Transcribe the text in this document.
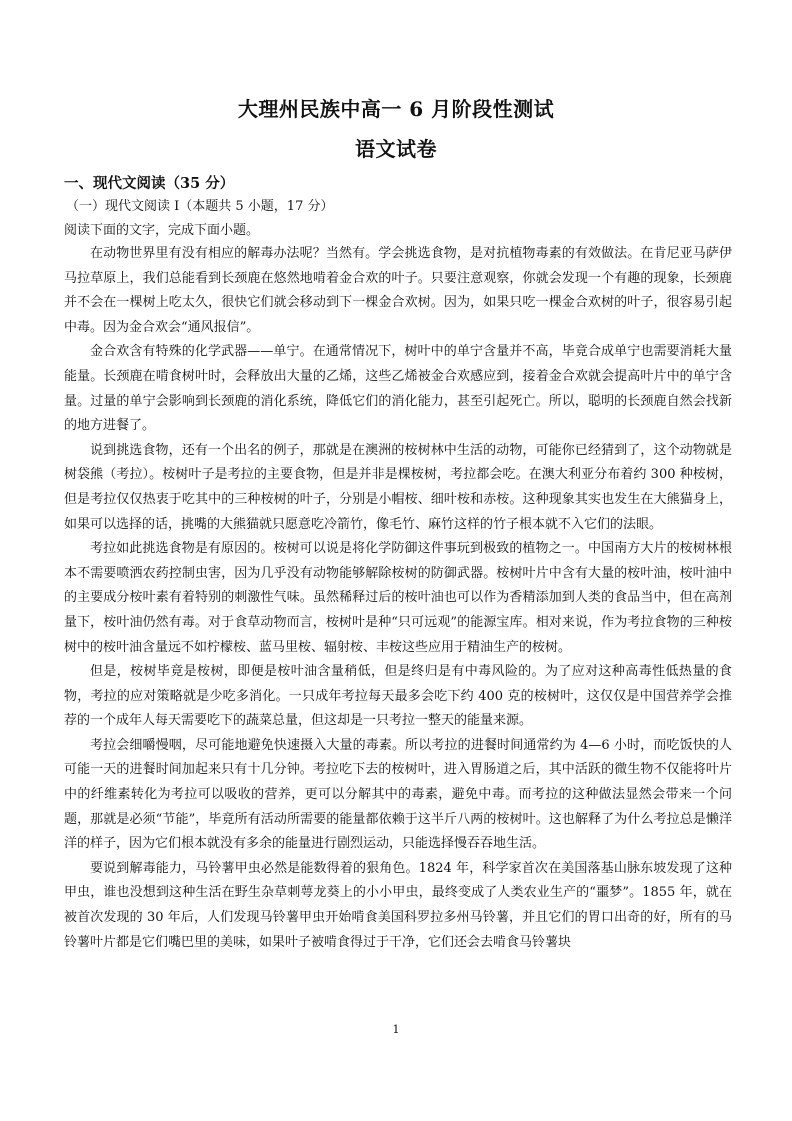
大理州民族中高一 6 月阶段性测试
语文试卷
一、现代文阅读（35 分）
（一）现代文阅读 I（本题共 5 小题，17 分）
阅读下面的文字，完成下面小题。

在动物世界里有没有相应的解毒办法呢？当然有。学会挑选食物，是对抗植物毒素的有效做法。在肯尼亚马萨伊马拉草原上，我们总能看到长颈鹿在悠然地啃着金合欢的叶子。只要注意观察，你就会发现一个有趣的现象，长颈鹿并不会在一棵树上吃太久，很快它们就会移动到下一棵金合欢树。因为，如果只吃一棵金合欢树的叶子，很容易引起中毒。因为金合欢会“通风报信”。

金合欢含有特殊的化学武器——单宁。在通常情况下，树叶中的单宁含量并不高，毕竟合成单宁也需要消耗大量能量。长颈鹿在啃食树叶时，会释放出大量的乙烯，这些乙烯被金合欢感应到，接着金合欢就会提高叶片中的单宁含量。过量的单宁会影响到长颈鹿的消化系统，降低它们的消化能力，甚至引起死亡。所以，聪明的长颈鹿自然会找新的地方进餐了。

说到挑选食物，还有一个出名的例子，那就是在澳洲的桉树林中生活的动物，可能你已经猜到了，这个动物就是树袋熊（考拉）。桉树叶子是考拉的主要食物，但是并非是棵桉树，考拉都会吃。在澳大利亚分布着约 300 种桉树，但是考拉仅仅热衷于吃其中的三种桉树的叶子，分别是小帽桉、细叶桉和赤桉。这种现象其实也发生在大熊猫身上，如果可以选择的话，挑嘴的大熊猫就只愿意吃冷箭竹，像毛竹、麻竹这样的竹子根本就不入它们的法眼。

考拉如此挑选食物是有原因的。桉树可以说是将化学防御这件事玩到极致的植物之一。中国南方大片的桉树林根本不需要喷洒农药控制虫害，因为几乎没有动物能够解除桉树的防御武器。桉树叶片中含有大量的桉叶油，桉叶油中的主要成分桉叶素有着特别的刺激性气味。虽然稀释过后的桉叶油也可以作为香精添加到人类的食品当中，但在高剂量下，桉叶油仍然有毒。对于食草动物而言，桉树叶是种“只可远观”的能源宝库。相对来说，作为考拉食物的三种桉树中的桉叶油含量远不如柠檬桉、蓝马里桉、辐射桉、丰桉这些应用于精油生产的桉树。

但是，桉树毕竟是桉树，即便是桉叶油含量稍低，但是终归是有中毒风险的。为了应对这种高毒性低热量的食物，考拉的应对策略就是少吃多消化。一只成年考拉每天最多会吃下约 400 克的桉树叶，这仅仅是中国营养学会推荐的一个成年人每天需要吃下的蔬菜总量，但这却是一只考拉一整天的能量来源。

考拉会细嚼慢咽，尽可能地避免快速摄入大量的毒素。所以考拉的进餐时间通常约为 4—6 小时，而吃饭快的人可能一天的进餐时间加起来只有十几分钟。考拉吃下去的桉树叶，进入胃肠道之后，其中活跃的微生物不仅能将叶片中的纤维素转化为考拉可以吸收的营养，更可以分解其中的毒素，避免中毒。而考拉的这种做法显然会带来一个问题，那就是必须“节能”，毕竟所有活动所需要的能量都依赖于这半斤八两的桉树叶。这也解释了为什么考拉总是懒洋洋的样子，因为它们根本就没有多余的能量进行剧烈运动，只能选择慢吞吞地生活。

要说到解毒能力，马铃薯甲虫必然是能数得着的狠角色。1824 年，科学家首次在美国落基山脉东坡发现了这种甲虫，谁也没想到这种生活在野生杂草刺萼龙葵上的小小甲虫，最终变成了人类农业生产的“噩梦”。1855 年，就在被首次发现的 30 年后，人们发现马铃薯甲虫开始啃食美国科罗拉多州马铃薯，并且它们的胃口出奇的好，所有的马铃薯叶片都是它们嘴巴里的美味，如果叶子被啃食得过于干净，它们还会去啃食马铃薯块

1
